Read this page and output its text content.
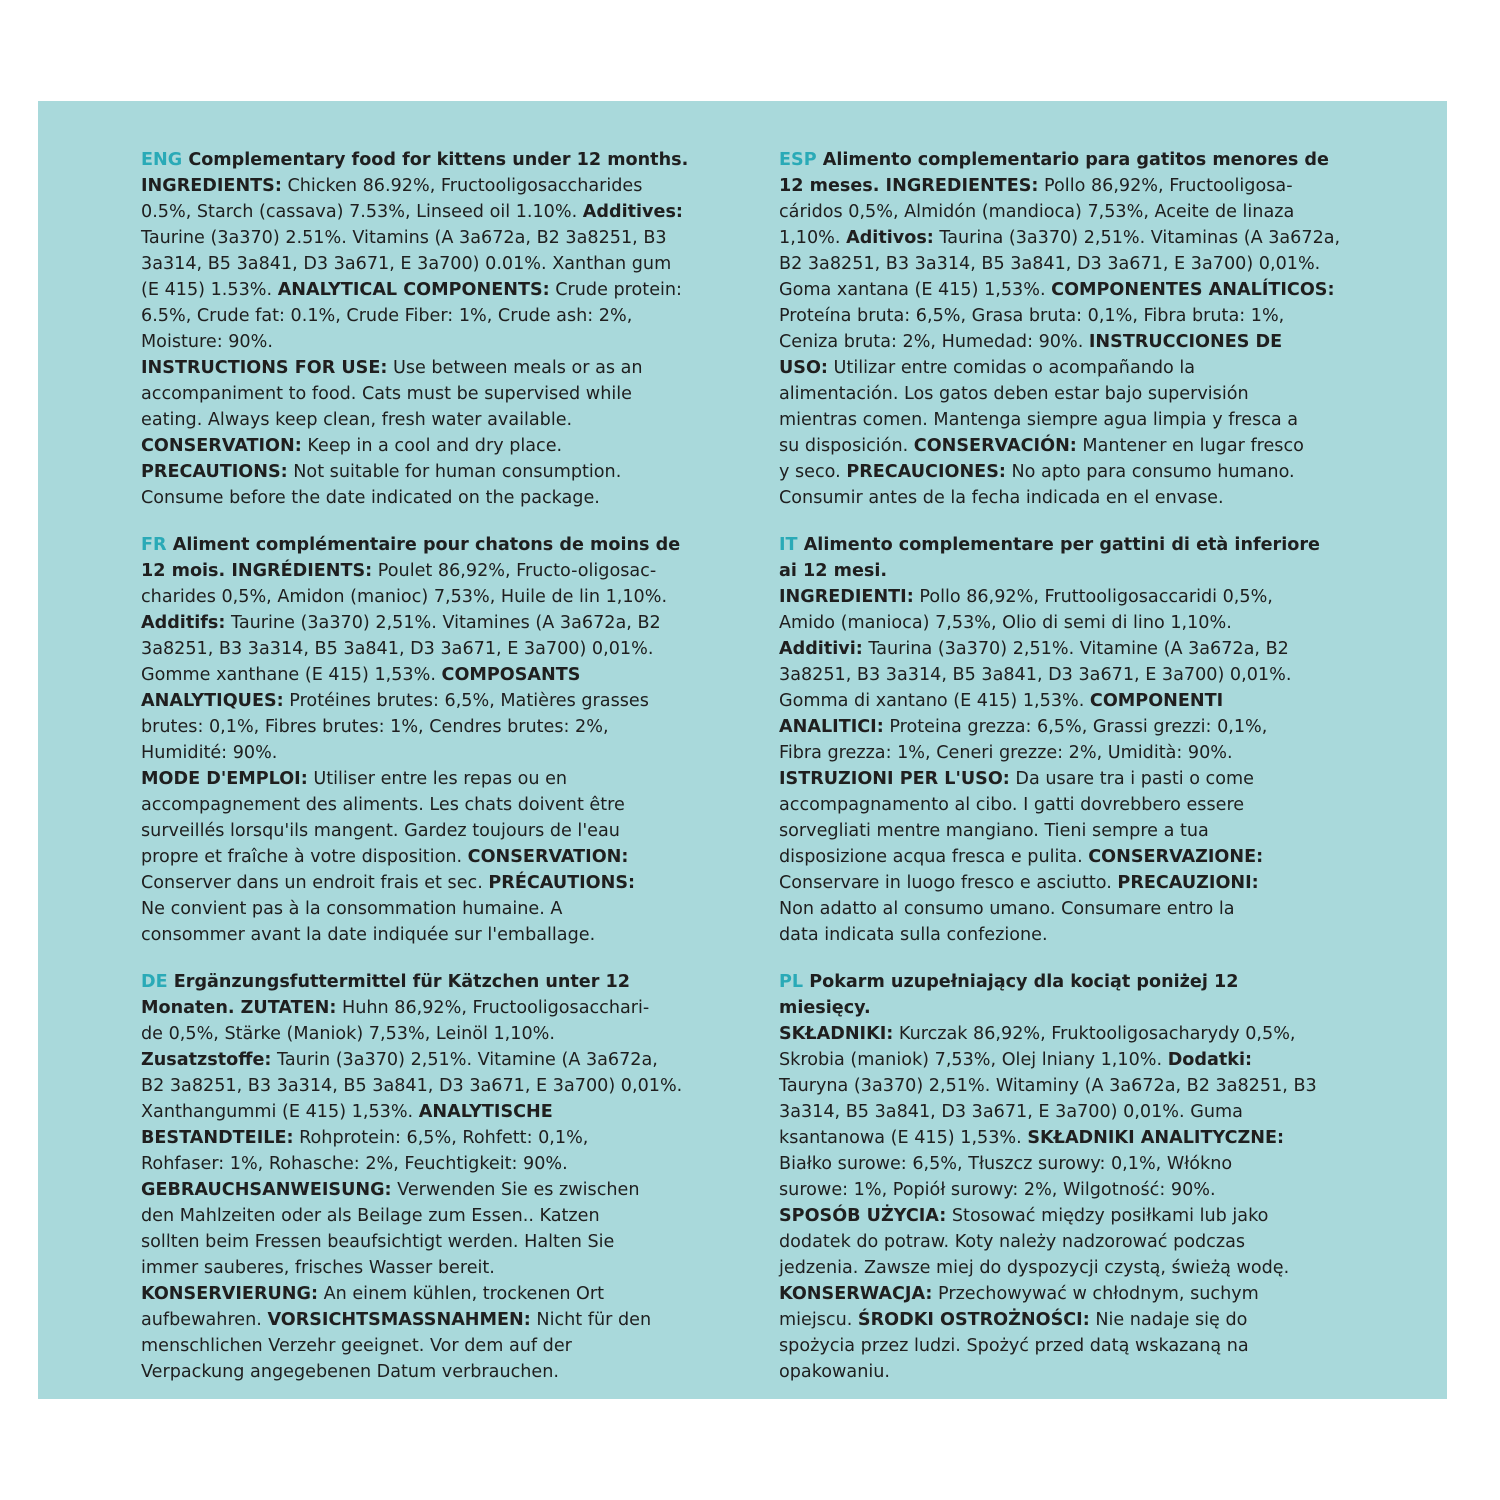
ENG Complementary food for kittens under 12 months.
INGREDIENTS: Chicken 86.92%, Fructooligosaccharides
0.5%, Starch (cassava) 7.53%, Linseed oil 1.10%. Additives:
Taurine (3a370) 2.51%. Vitamins (A 3a672a, B2 3a8251, B3
3a314, B5 3a841, D3 3a671, E 3a700) 0.01%. Xanthan gum
(E 415) 1.53%. ANALYTICAL COMPONENTS: Crude protein:
6.5%, Crude fat: 0.1%, Crude Fiber: 1%, Crude ash: 2%,
Moisture: 90%.
INSTRUCTIONS FOR USE: Use between meals or as an
accompaniment to food. Cats must be supervised while
eating. Always keep clean, fresh water available.
CONSERVATION: Keep in a cool and dry place.
PRECAUTIONS: Not suitable for human consumption.
Consume before the date indicated on the package.
ESP Alimento complementario para gatitos menores de
12 meses. INGREDIENTES: Pollo 86,92%, Fructooligosa-
cáridos 0,5%, Almidón (mandioca) 7,53%, Aceite de linaza
1,10%. Aditivos: Taurina (3a370) 2,51%. Vitaminas (A 3a672a,
B2 3a8251, B3 3a314, B5 3a841, D3 3a671, E 3a700) 0,01%.
Goma xantana (E 415) 1,53%. COMPONENTES ANALÍTICOS:
Proteína bruta: 6,5%, Grasa bruta: 0,1%, Fibra bruta: 1%,
Ceniza bruta: 2%, Humedad: 90%. INSTRUCCIONES DE
USO: Utilizar entre comidas o acompañando la
alimentación. Los gatos deben estar bajo supervisión
mientras comen. Mantenga siempre agua limpia y fresca a
su disposición. CONSERVACIÓN: Mantener en lugar fresco
y seco. PRECAUCIONES: No apto para consumo humano.
Consumir antes de la fecha indicada en el envase.
FR Aliment complémentaire pour chatons de moins de
12 mois. INGRÉDIENTS: Poulet 86,92%, Fructo-oligosac-
charides 0,5%, Amidon (manioc) 7,53%, Huile de lin 1,10%.
Additifs: Taurine (3a370) 2,51%. Vitamines (A 3a672a, B2
3a8251, B3 3a314, B5 3a841, D3 3a671, E 3a700) 0,01%.
Gomme xanthane (E 415) 1,53%. COMPOSANTS
ANALYTIQUES: Protéines brutes: 6,5%, Matières grasses
brutes: 0,1%, Fibres brutes: 1%, Cendres brutes: 2%,
Humidité: 90%.
MODE D'EMPLOI: Utiliser entre les repas ou en
accompagnement des aliments. Les chats doivent être
surveillés lorsqu'ils mangent. Gardez toujours de l'eau
propre et fraîche à votre disposition. CONSERVATION:
Conserver dans un endroit frais et sec. PRÉCAUTIONS:
Ne convient pas à la consommation humaine. A
consommer avant la date indiquée sur l'emballage.
IT Alimento complementare per gattini di età inferiore
ai 12 mesi.
INGREDIENTI: Pollo 86,92%, Fruttooligosaccaridi 0,5%,
Amido (manioca) 7,53%, Olio di semi di lino 1,10%.
Additivi: Taurina (3a370) 2,51%. Vitamine (A 3a672a, B2
3a8251, B3 3a314, B5 3a841, D3 3a671, E 3a700) 0,01%.
Gomma di xantano (E 415) 1,53%. COMPONENTI
ANALITICI: Proteina grezza: 6,5%, Grassi grezzi: 0,1%,
Fibra grezza: 1%, Ceneri grezze: 2%, Umidità: 90%.
ISTRUZIONI PER L'USO: Da usare tra i pasti o come
accompagnamento al cibo. I gatti dovrebbero essere
sorvegliati mentre mangiano. Tieni sempre a tua
disposizione acqua fresca e pulita. CONSERVAZIONE:
Conservare in luogo fresco e asciutto. PRECAUZIONI:
Non adatto al consumo umano. Consumare entro la
data indicata sulla confezione.
DE Ergänzungsfuttermittel für Kätzchen unter 12
Monaten. ZUTATEN: Huhn 86,92%, Fructooligosacchari-
de 0,5%, Stärke (Maniok) 7,53%, Leinöl 1,10%.
Zusatzstoffe: Taurin (3a370) 2,51%. Vitamine (A 3a672a,
B2 3a8251, B3 3a314, B5 3a841, D3 3a671, E 3a700) 0,01%.
Xanthangummi (E 415) 1,53%. ANALYTISCHE
BESTANDTEILE: Rohprotein: 6,5%, Rohfett: 0,1%,
Rohfaser: 1%, Rohasche: 2%, Feuchtigkeit: 90%.
GEBRAUCHSANWEISUNG: Verwenden Sie es zwischen
den Mahlzeiten oder als Beilage zum Essen.. Katzen
sollten beim Fressen beaufsichtigt werden. Halten Sie
immer sauberes, frisches Wasser bereit.
KONSERVIERUNG: An einem kühlen, trockenen Ort
aufbewahren. VORSICHTSMASSNAHMEN: Nicht für den
menschlichen Verzehr geeignet. Vor dem auf der
Verpackung angegebenen Datum verbrauchen.
PL Pokarm uzupełniający dla kociąt poniżej 12
miesięcy.
SKŁADNIKI: Kurczak 86,92%, Fruktooligosacharydy 0,5%,
Skrobia (maniok) 7,53%, Olej lniany 1,10%. Dodatki:
Tauryna (3a370) 2,51%. Witaminy (A 3a672a, B2 3a8251, B3
3a314, B5 3a841, D3 3a671, E 3a700) 0,01%. Guma
ksantanowa (E 415) 1,53%. SKŁADNIKI ANALITYCZNE:
Białko surowe: 6,5%, Tłuszcz surowy: 0,1%, Włókno
surowe: 1%, Popiół surowy: 2%, Wilgotność: 90%.
SPOSÓB UŻYCIA: Stosować między posiłkami lub jako
dodatek do potraw. Koty należy nadzorować podczas
jedzenia. Zawsze miej do dyspozycji czystą, świeżą wodę.
KONSERWACJA: Przechowywać w chłodnym, suchym
miejscu. ŚRODKI OSTROŻNOŚCI: Nie nadaje się do
spożycia przez ludzi. Spożyć przed datą wskazaną na
opakowaniu.
